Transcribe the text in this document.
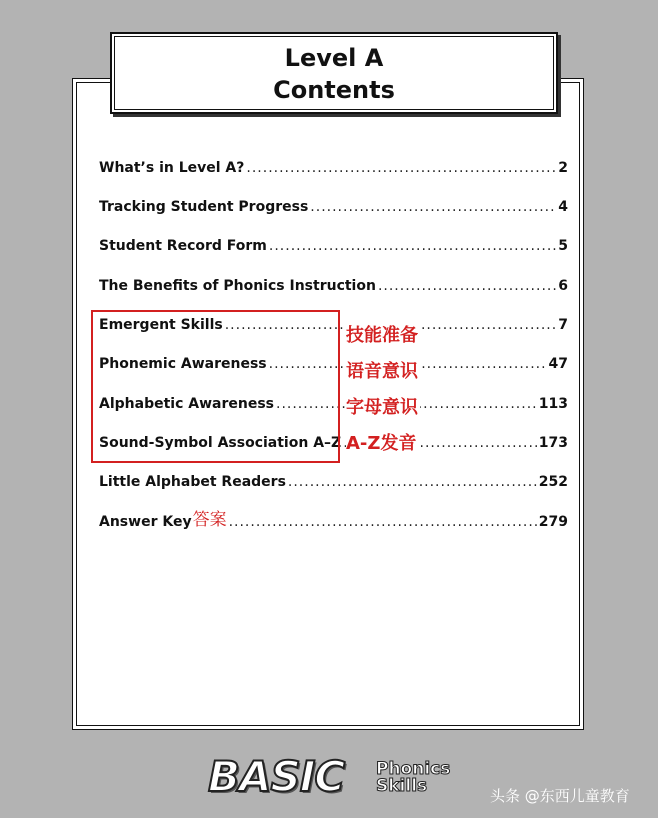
Level A
Contents
What’s in Level A? .....	2
Tracking Student Progress .....	4
Student Record Form .....	5
The Benefits of Phonics Instruction .....	6
Emergent Skills .....	7
Phonemic Awareness .....	47
Alphabetic Awareness .....	113
Sound-Symbol Association A–Z .....	173
Little Alphabet Readers .....	252
Answer Key 答案 .....	279
技能准备
语音意识
字母意识
A-Z发音
BASIC Phonics
Skills	头条 @东西儿童教育
